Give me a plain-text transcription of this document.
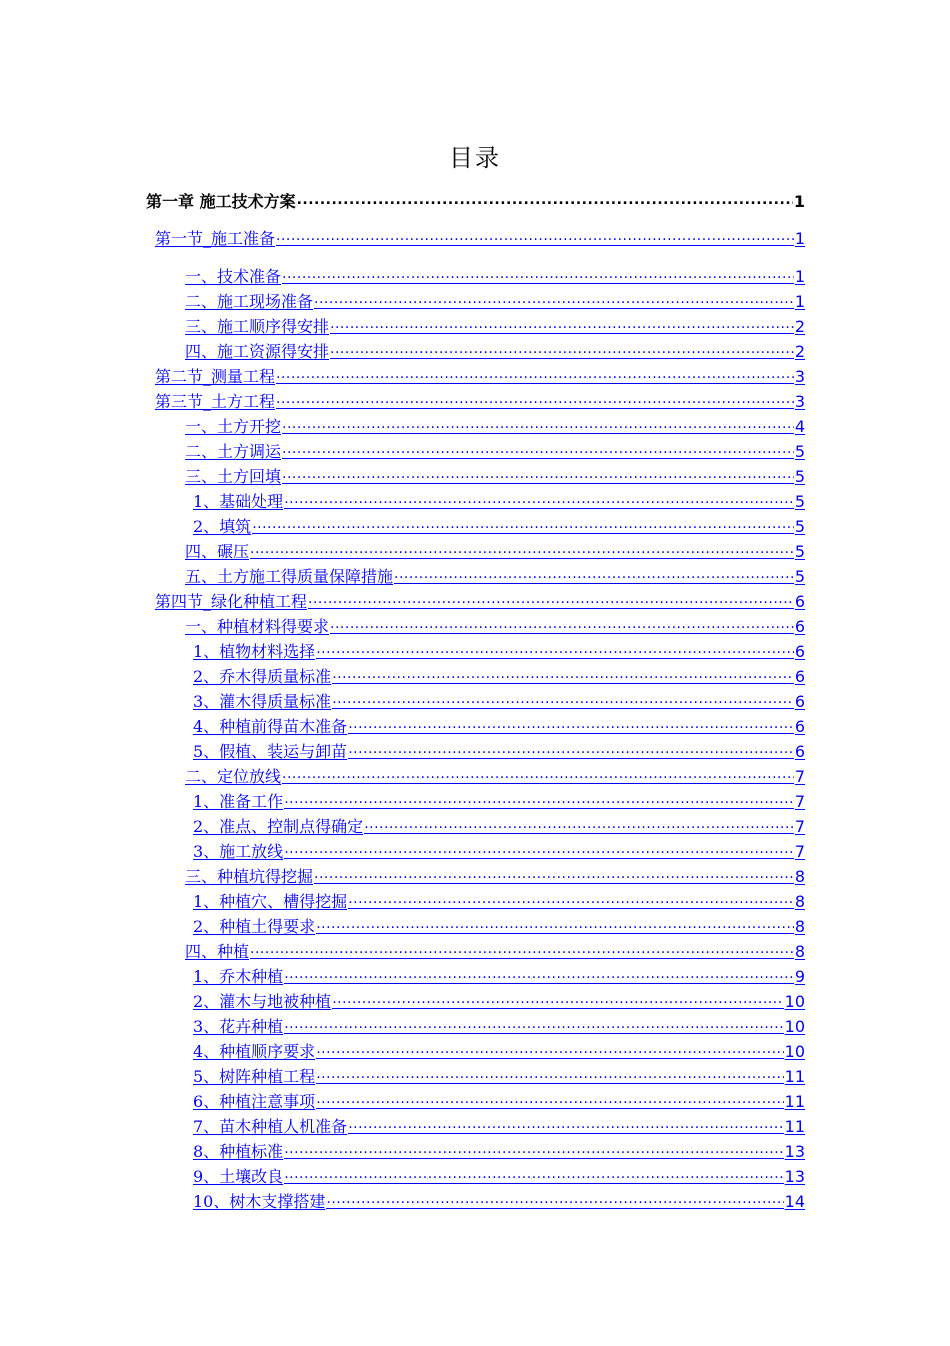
目录
第一章 施工技术方案 .....	1
第一节_施工准备 .....	1
一、技术准备 .....	1
二、施工现场准备 .....	1
三、施工顺序得安排 .....	2
四、施工资源得安排 .....	2
第二节_测量工程 .....	3
第三节_土方工程 .....	3
一、土方开挖 .....	4
二、土方调运 .....	5
三、土方回填 .....	5
1、基础处理 .....	5
2、填筑 .....	5
四、碾压 .....	5
五、土方施工得质量保障措施 .....	5
第四节_绿化种植工程 .....	6
一、种植材料得要求 .....	6
1、植物材料选择 .....	6
2、乔木得质量标准 .....	6
3、灌木得质量标准 .....	6
4、种植前得苗木准备 .....	6
5、假植、装运与卸苗 .....	6
二、定位放线 .....	7
1、准备工作 .....	7
2、准点、控制点得确定 .....	7
3、施工放线 .....	7
三、种植坑得挖掘 .....	8
1、种植穴、槽得挖掘 .....	8
2、种植土得要求 .....	8
四、种植 .....	8
1、乔木种植 .....	9
2、灌木与地被种植 .....	10
3、花卉种植 .....	10
4、种植顺序要求 .....	10
5、树阵种植工程 .....	11
6、种植注意事项 .....	11
7、苗木种植人机准备 .....	11
8、种植标准 .....	13
9、土壤改良 .....	13
10、树木支撑搭建 .....	14
